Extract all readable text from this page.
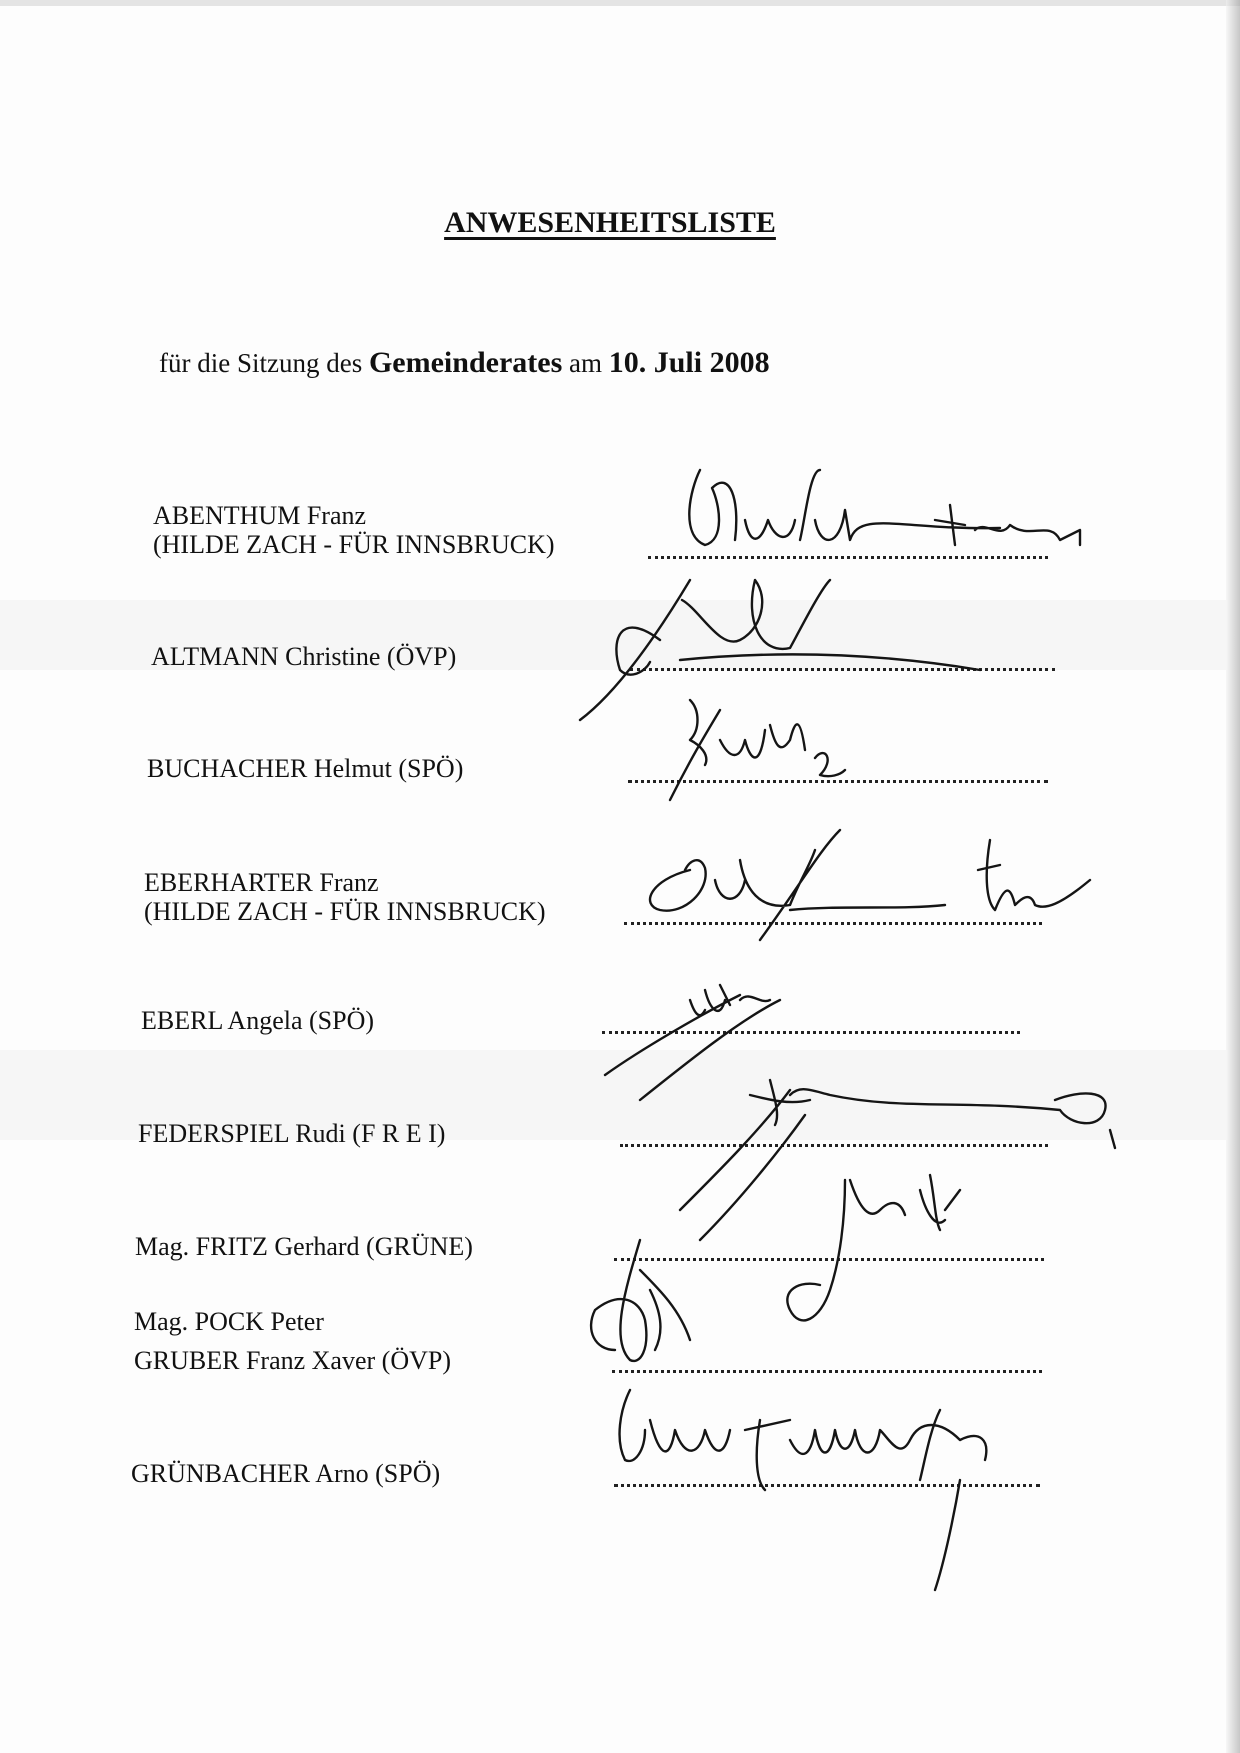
ANWESENHEITSLISTE
für die Sitzung des Gemeinderates am 10. Juli 2008
ABENTHUM Franz
(HILDE ZACH - FÜR INNSBRUCK)
ALTMANN Christine (ÖVP)
BUCHACHER Helmut (SPÖ)
EBERHARTER Franz
(HILDE ZACH - FÜR INNSBRUCK)
EBERL Angela (SPÖ)
FEDERSPIEL Rudi (F R E I)
Mag. FRITZ Gerhard (GRÜNE)
Mag. POCK Peter
GRUBER Franz Xaver (ÖVP)
GRÜNBACHER Arno (SPÖ)
